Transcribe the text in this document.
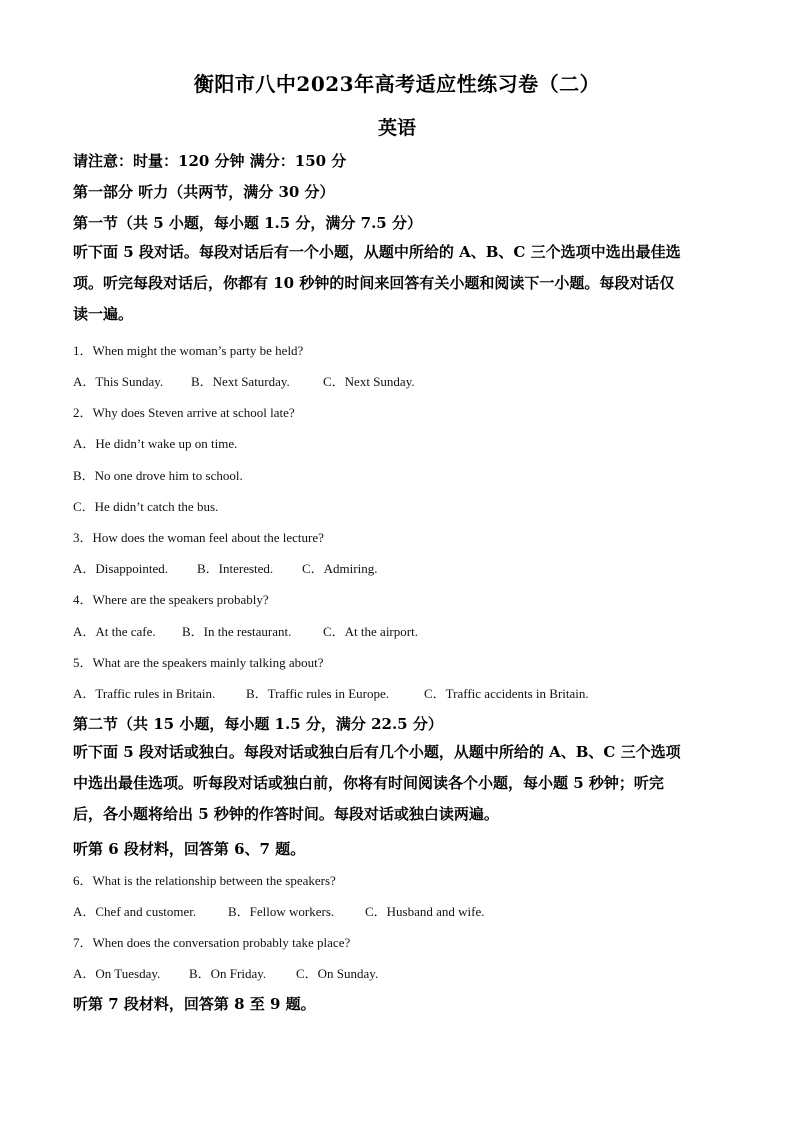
衡阳市八中2023年高考适应性练习卷（二）
英语
请注意：时量：120 分钟 满分：150 分
第一部分 听力（共两节，满分 30 分）
第一节（共 5 小题，每小题 1.5 分，满分 7.5 分）

听下面 5 段对话。每段对话后有一个小题，从题中所给的 A、B、C 三个选项中选出最佳选

项。听完每段对话后，你都有 10 秒钟的时间来回答有关小题和阅读下一小题。每段对话仅

读一遍。

1．When might the woman’s party be held?
A．This Sunday. B．Next Saturday.	C．Next Sunday.
2．Why does Steven arrive at school late?
A．He didn’t wake up on time.
B．No one drove him to school.
C．He didn’t catch the bus.
3．How does the woman feel about the lecture?
A．Disappointed. B．Interested. C．Admiring.
4．Where are the speakers probably?
A．At the cafe. B．In the restaurant. C．At the airport.
5．What are the speakers mainly talking about?
A．Traffic rules in Britain. B．Traffic rules in Europe.	C．Traffic accidents in Britain.
第二节（共 15 小题，每小题 1.5 分，满分 22.5 分）

听下面 5 段对话或独白。每段对话或独白后有几个小题，从题中所给的 A、B、C 三个选项

中选出最佳选项。听每段对话或独白前，你将有时间阅读各个小题，每小题 5 秒钟；听完

后，各小题将给出 5 秒钟的作答时间。每段对话或独白读两遍。

听第 6 段材料，回答第 6、7 题。
6．What is the relationship between the speakers?
A．Chef and customer. B．Fellow workers. C．Husband and wife.
7．When does the conversation probably take place?
A．On Tuesday. B．On Friday. C．On Sunday.
听第 7 段材料，回答第 8 至 9 题。
